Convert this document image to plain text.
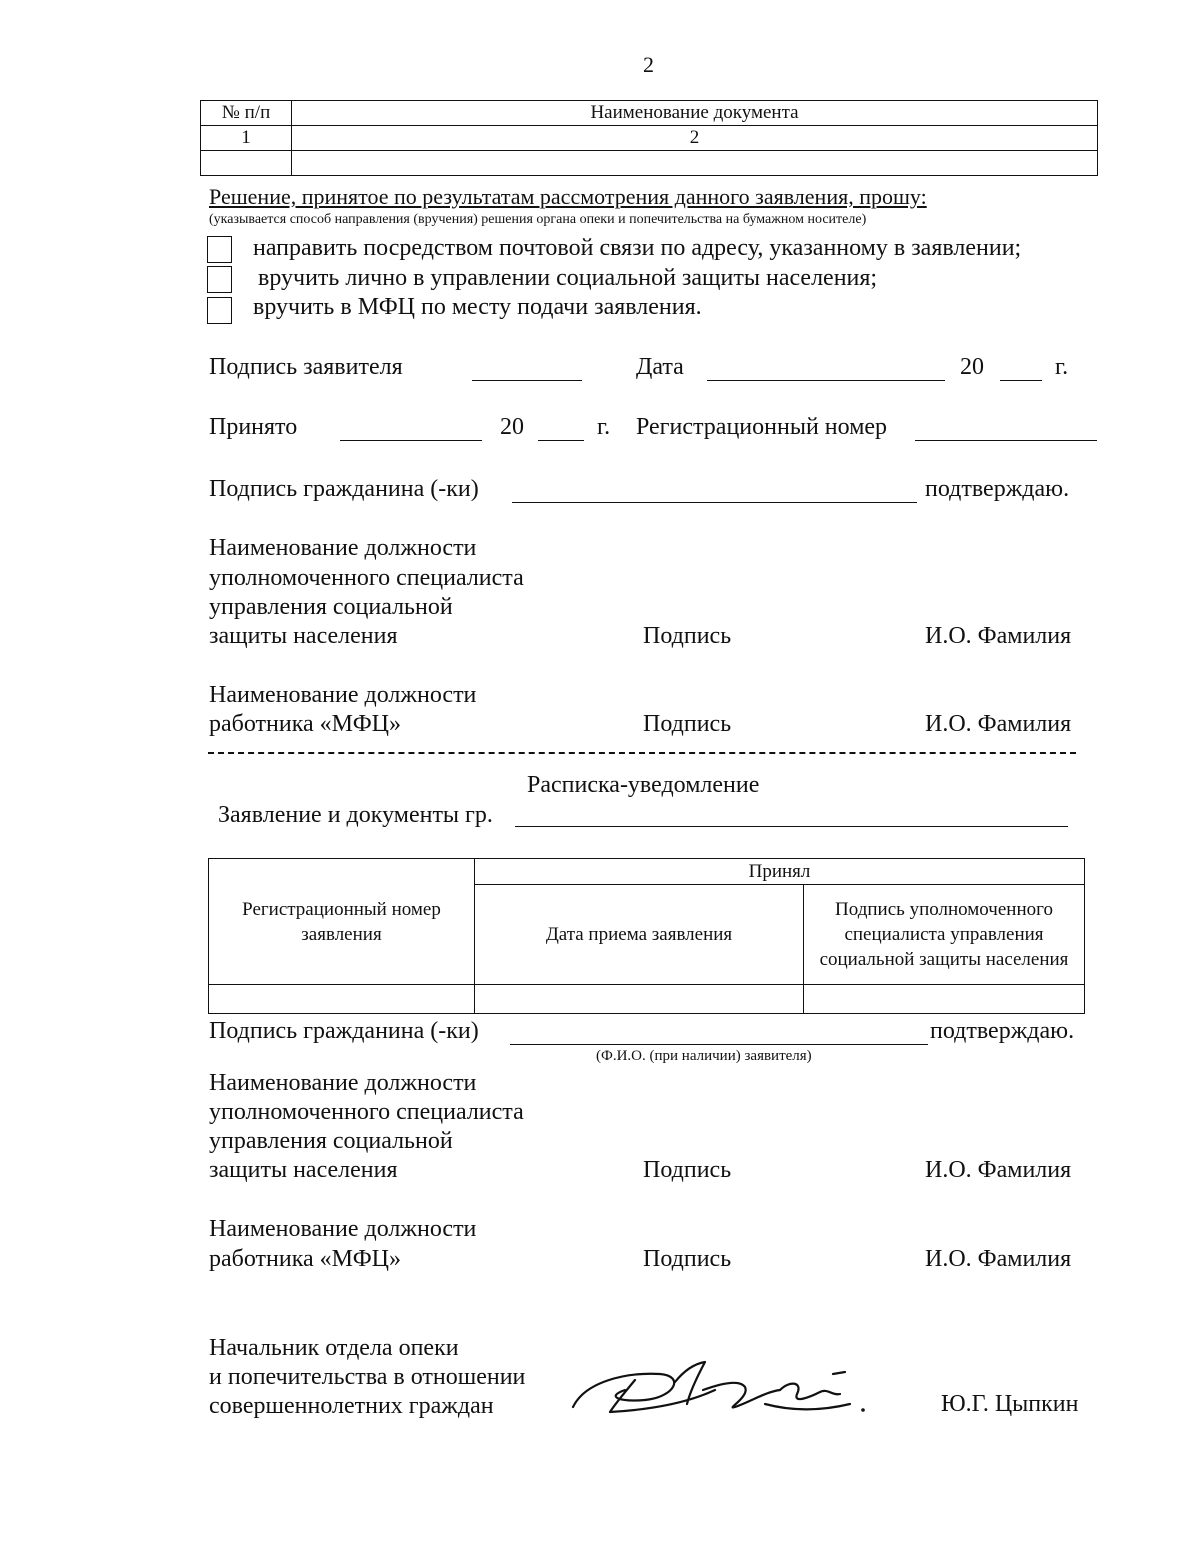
2
№ п/п	Наименование документа
1	2

Решение, принятое по результатам рассмотрения данного заявления, прошу:
(указывается способ направления (вручения) решения органа опеки и попечительства на бумажном носителе)
направить посредством почтовой связи по адресу, указанному в заявлении;
вручить лично в управлении социальной защиты населения;
вручить в МФЦ по месту подачи заявления.
Подпись заявителя	Дата	20	г.
Принято	20	г. Регистрационный номер
Подпись гражданина (-ки)	подтверждаю.
Наименование должности
уполномоченного специалиста
управления социальной
защиты населения	Подпись	И.О. Фамилия
Наименование должности
работника «МФЦ»	Подпись	И.О. Фамилия
Расписка-уведомление
Заявление и документы гр.
Регистрационный номер заявления	Принял	
	Дата приема заявления	Подпись уполномоченного специалиста управления социальной защиты населения

Подпись гражданина (-ки)	подтверждаю.
(Ф.И.О. (при наличии) заявителя)
Наименование должности
уполномоченного специалиста
управления социальной
защиты населения	Подпись	И.О. Фамилия
Наименование должности
работника «МФЦ»	Подпись	И.О. Фамилия
Начальник отдела опеки
и попечительства в отношении
совершеннолетних граждан	Ю.Г. Цыпкин
